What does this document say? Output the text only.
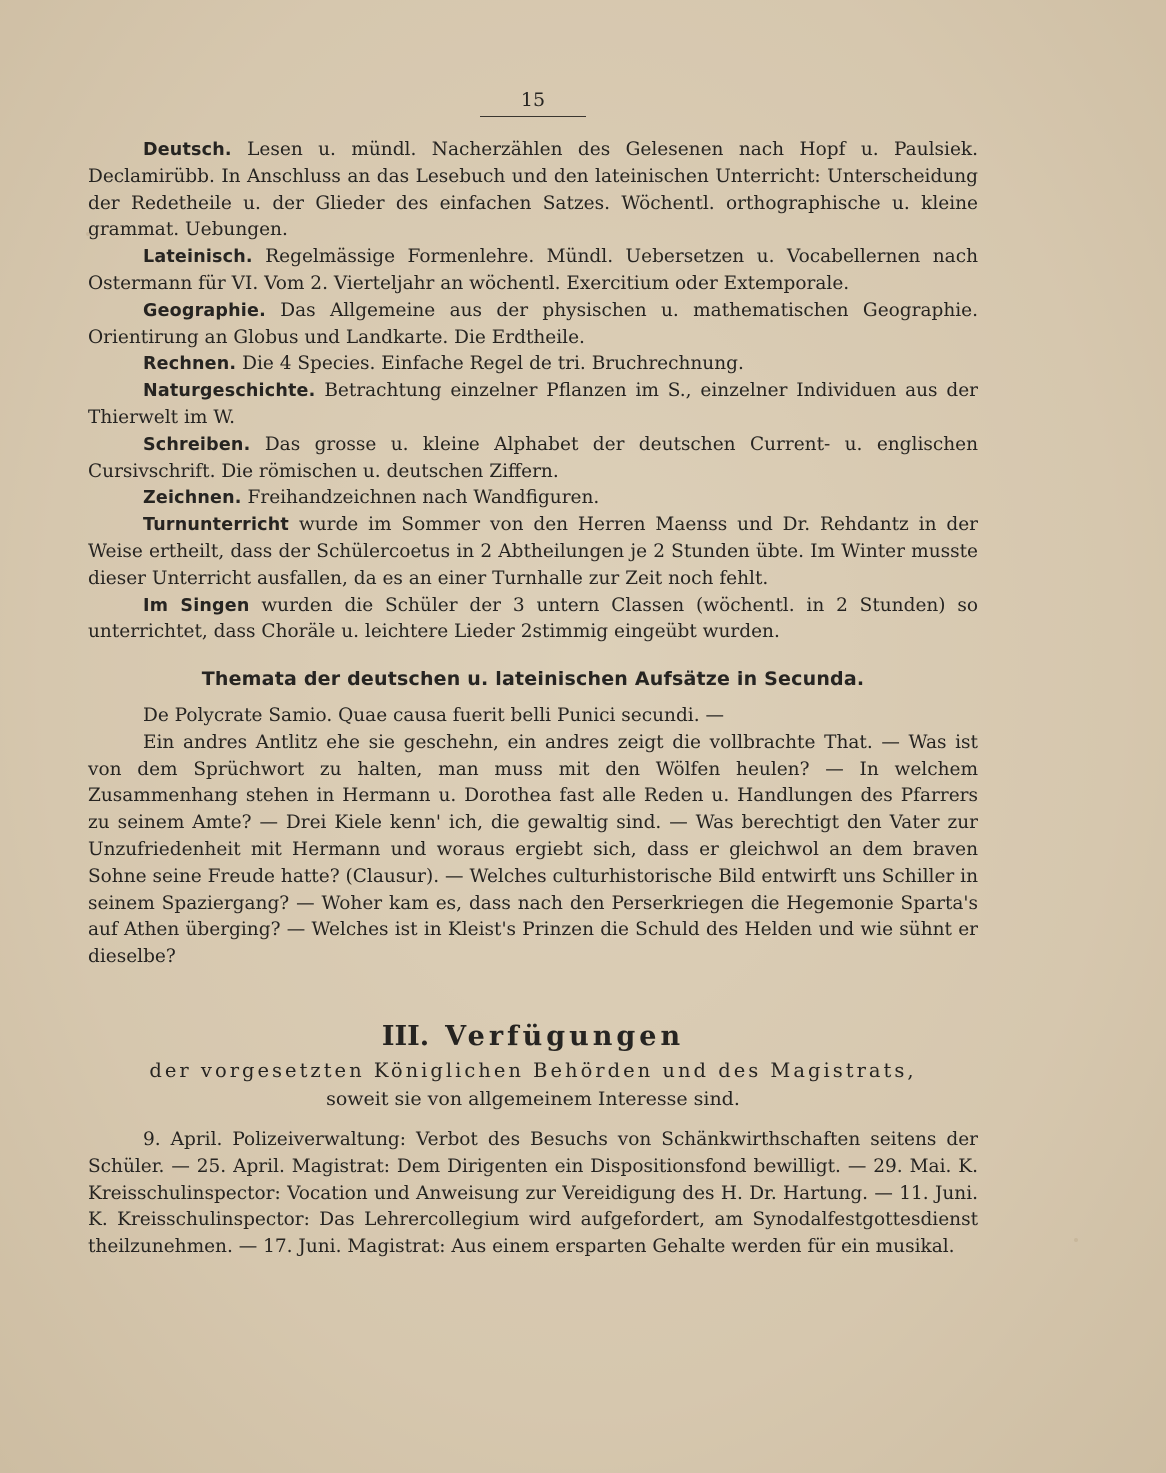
15

Deutsch. Lesen u. mündl. Nacherzählen des Gelesenen nach Hopf u. Paulsiek. Declamirübb. In Anschluss an das Lesebuch und den lateinischen Unterricht: Unterscheidung der Redetheile u. der Glieder des einfachen Satzes. Wöchentl. orthographische u. kleine grammat. Uebungen.

Lateinisch. Regelmässige Formenlehre. Mündl. Uebersetzen u. Vocabellernen nach Ostermann für VI. Vom 2. Vierteljahr an wöchentl. Exercitium oder Extemporale.

Geographie. Das Allgemeine aus der physischen u. mathematischen Geographie. Orientirung an Globus und Landkarte. Die Erdtheile.

Rechnen. Die 4 Species. Einfache Regel de tri. Bruchrechnung.

Naturgeschichte. Betrachtung einzelner Pflanzen im S., einzelner Individuen aus der Thierwelt im W.

Schreiben. Das grosse u. kleine Alphabet der deutschen Current- u. englischen Cursivschrift. Die römischen u. deutschen Ziffern.

Zeichnen. Freihandzeichnen nach Wandfiguren.

Turnunterricht wurde im Sommer von den Herren Maenss und Dr. Rehdantz in der Weise ertheilt, dass der Schülercoetus in 2 Abtheilungen je 2 Stunden übte. Im Winter musste dieser Unterricht ausfallen, da es an einer Turnhalle zur Zeit noch fehlt.

Im Singen wurden die Schüler der 3 untern Classen (wöchentl. in 2 Stunden) so unterrichtet, dass Choräle u. leichtere Lieder 2stimmig eingeübt wurden.

Themata der deutschen u. lateinischen Aufsätze in Secunda.

De Polycrate Samio. Quae causa fuerit belli Punici secundi. —

Ein andres Antlitz ehe sie geschehn, ein andres zeigt die vollbrachte That. — Was ist von dem Sprüchwort zu halten, man muss mit den Wölfen heulen? — In welchem Zusammenhang stehen in Hermann u. Dorothea fast alle Reden u. Handlungen des Pfarrers zu seinem Amte? — Drei Kiele kenn' ich, die gewaltig sind. — Was berechtigt den Vater zur Unzufriedenheit mit Hermann und woraus ergiebt sich, dass er gleichwol an dem braven Sohne seine Freude hatte? (Clausur). — Welches culturhistorische Bild entwirft uns Schiller in seinem Spaziergang? — Woher kam es, dass nach den Perserkriegen die Hegemonie Sparta's auf Athen überging? — Welches ist in Kleist's Prinzen die Schuld des Helden und wie sühnt er dieselbe?

III. Verfügungen
der vorgesetzten Königlichen Behörden und des Magistrats,
soweit sie von allgemeinem Interesse sind.

9. April. Polizeiverwaltung: Verbot des Besuchs von Schänkwirthschaften seitens der Schüler. — 25. April. Magistrat: Dem Dirigenten ein Dispositionsfond bewilligt. — 29. Mai. K. Kreisschulinspector: Vocation und Anweisung zur Vereidigung des H. Dr. Hartung. — 11. Juni. K. Kreisschulinspector: Das Lehrercollegium wird aufgefordert, am Synodalfestgottesdienst theilzunehmen. — 17. Juni. Magistrat: Aus einem ersparten Gehalte werden für ein musikal.
